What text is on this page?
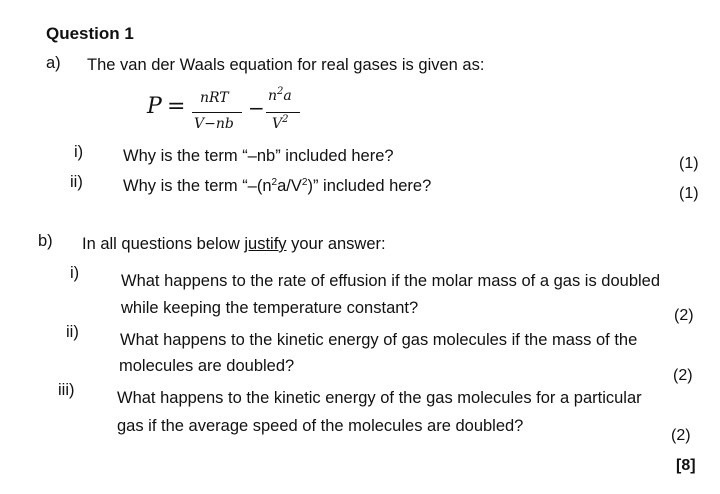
Question 1
a) The van der Waals equation for real gases is given as:
P = nRT
V−nb
− $n^2a$
$V^2$
i) Why is the term “–nb” included here?	(1)
ii) Why is the term “$-(n^2a/V^2)$” included here?	(1)
b) In all questions below justify your answer:
i)	What happens to the rate of effusion if the molar mass of a gas is doubled
while keeping the temperature constant?	(2)
ii) What happens to the kinetic energy of gas molecules if the mass of the
molecules are doubled?
(2)
iii)	What happens to the kinetic energy of the gas molecules for a particular
gas if the average speed of the molecules are doubled?
(2)
[8]
